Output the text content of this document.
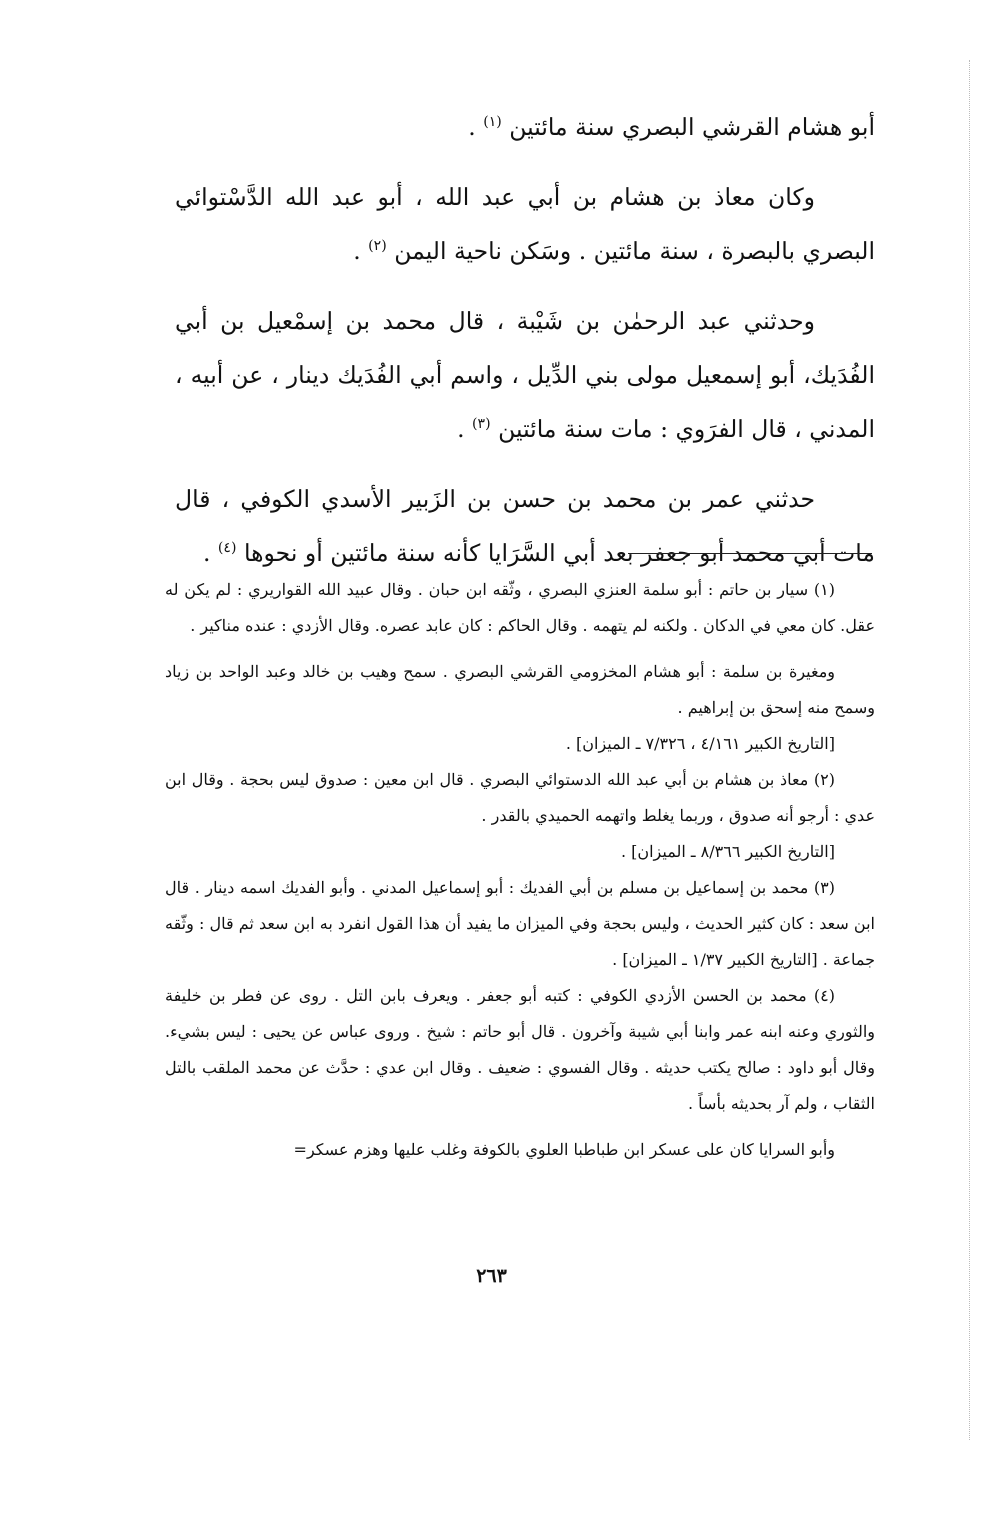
أبو هشام القرشي البصري سنة مائتين $^{(١)}$ .

وكان معاذ بن هشام بن أبي عبد الله ، أبو عبد الله الدَّسْتوائي البصري بالبصرة ، سنة مائتين . وسَكن ناحية اليمن $^{(٢)}$ .

وحدثني عبد الرحمٰن بن شَيْبة ، قال محمد بن إسمْعيل بن أبي الفُدَيك، أبو إسمعيل مولى بني الدِّيل ، واسم أبي الفُدَيك دينار ، عن أبيه ، المدني ، قال الفرَوي : مات سنة مائتين $^{(٣)}$ .

حدثني عمر بن محمد بن حسن بن الزَبير الأسدي الكوفي ، قال مات أبي محمد أبو جعفر بعد أبي السَّرَايا كأنه سنة مائتين أو نحوها $^{(٤)}$ .

(١) سيار بن حاتم : أبو سلمة العنزي البصري ، وثّقه ابن حبان . وقال عبيد الله القواريري : لم يكن له عقل. كان معي في الدكان . ولكنه لم يتهمه . وقال الحاكم : كان عابد عصره. وقال الأزدي : عنده مناكير .

ومغيرة بن سلمة : أبو هشام المخزومي القرشي البصري . سمح وهيب بن خالد وعبد الواحد بن زياد وسمح منه إسحق بن إبراهيم .

[التاريخ الكبير ٤/١٦١ ، ٧/٣٢٦ ـ الميزان] .

(٢) معاذ بن هشام بن أبي عبد الله الدستوائي البصري . قال ابن معين : صدوق ليس بحجة . وقال ابن عدي : أرجو أنه صدوق ، وربما يغلط واتهمه الحميدي بالقدر .

[التاريخ الكبير ٨/٣٦٦ ـ الميزان] .

(٣) محمد بن إسماعيل بن مسلم بن أبي الفديك : أبو إسماعيل المدني . وأبو الفديك اسمه دينار . قال ابن سعد : كان كثير الحديث ، وليس بحجة وفي الميزان ما يفيد أن هذا القول انفرد به ابن سعد ثم قال : وثّقه جماعة . [التاريخ الكبير ١/٣٧ ـ الميزان] .

(٤) محمد بن الحسن الأزدي الكوفي : كتبه أبو جعفر . ويعرف بابن التل . روى عن فطر بن خليفة والثوري وعنه ابنه عمر وابنا أبي شيبة وآخرون . قال أبو حاتم : شيخ . وروى عباس عن يحيى : ليس بشيء. وقال أبو داود : صالح يكتب حديثه . وقال الفسوي : ضعيف . وقال ابن عدي : حدَّث عن محمد الملقب بالتل الثقاب ، ولم آر بحديثه بأساً .

وأبو السرايا كان على عسكر ابن طباطبا العلوي بالكوفة وغلب عليها وهزم عسكر=

٢٦٣
